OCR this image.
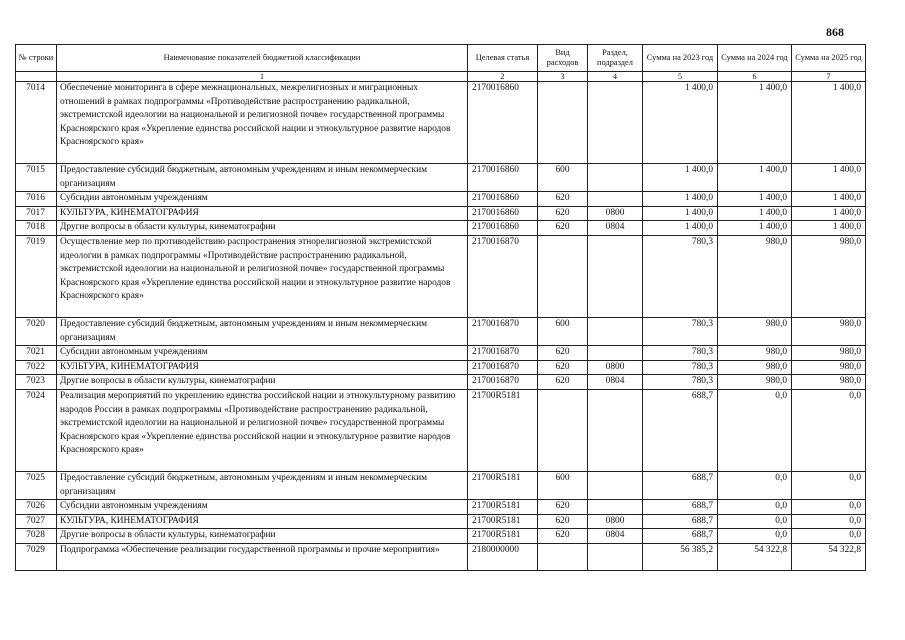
868
№ строки	Наименование показателей бюджетной классификации	Целевая статья	Вид расходов	Раздел, подраздел	Сумма на 2023 год	Сумма на 2024 год	Сумма на 2025 год
	1	2	3	4	5	6	7
7014	Обеспечение мониторинга в сфере межнациональных, межрелигиозных и миграционных отношений в рамках подпрограммы «Противодействие распространению радикальной, экстремистской идеологии на национальной и религиозной почве» государственной программы Красноярского края «Укрепление единства российской нации и этнокультурное развитие народов Красноярского края»	2170016860			1 400,0	1 400,0	1 400,0
7015	Предоставление субсидий бюджетным, автономным учреждениям и иным некоммерческим организациям	2170016860	600		1 400,0	1 400,0	1 400,0
7016	Субсидии автономным учреждениям	2170016860	620		1 400,0	1 400,0	1 400,0
7017	КУЛЬТУРА, КИНЕМАТОГРАФИЯ	2170016860	620	0800	1 400,0	1 400,0	1 400,0
7018	Другие вопросы в области культуры, кинематографии	2170016860	620	0804	1 400,0	1 400,0	1 400,0
7019	Осуществление мер по противодействию распространения этнорелигиозной экстремистской идеологии в рамках подпрограммы «Противодействие распространению радикальной, экстремистской идеологии на национальной и религиозной почве» государственной программы Красноярского края «Укрепление единства российской нации и этнокультурное развитие народов Красноярского края»	2170016870			780,3	980,0	980,0
7020	Предоставление субсидий бюджетным, автономным учреждениям и иным некоммерческим организациям	2170016870	600		780,3	980,0	980,0
7021	Субсидии автономным учреждениям	2170016870	620		780,3	980,0	980,0
7022	КУЛЬТУРА, КИНЕМАТОГРАФИЯ	2170016870	620	0800	780,3	980,0	980,0
7023	Другие вопросы в области культуры, кинематографии	2170016870	620	0804	780,3	980,0	980,0
7024	Реализация мероприятий по укреплению единства российской нации и этнокультурному развитию народов России в рамках подпрограммы «Противодействие распространению радикальной, экстремистской идеологии на национальной и религиозной почве» государственной программы Красноярского края «Укрепление единства российской нации и этнокультурное развитие народов Красноярского края»	21700R5181			688,7	0,0	0,0
7025	Предоставление субсидий бюджетным, автономным учреждениям и иным некоммерческим организациям	21700R5181	600		688,7	0,0	0,0
7026	Субсидии автономным учреждениям	21700R5181	620		688,7	0,0	0,0
7027	КУЛЬТУРА, КИНЕМАТОГРАФИЯ	21700R5181	620	0800	688,7	0,0	0,0
7028	Другие вопросы в области культуры, кинематографии	21700R5181	620	0804	688,7	0,0	0,0
7029	Подпрограмма «Обеспечение реализации государственной программы и прочие мероприятия»	2180000000			56 385,2	54 322,8	54 322,8
